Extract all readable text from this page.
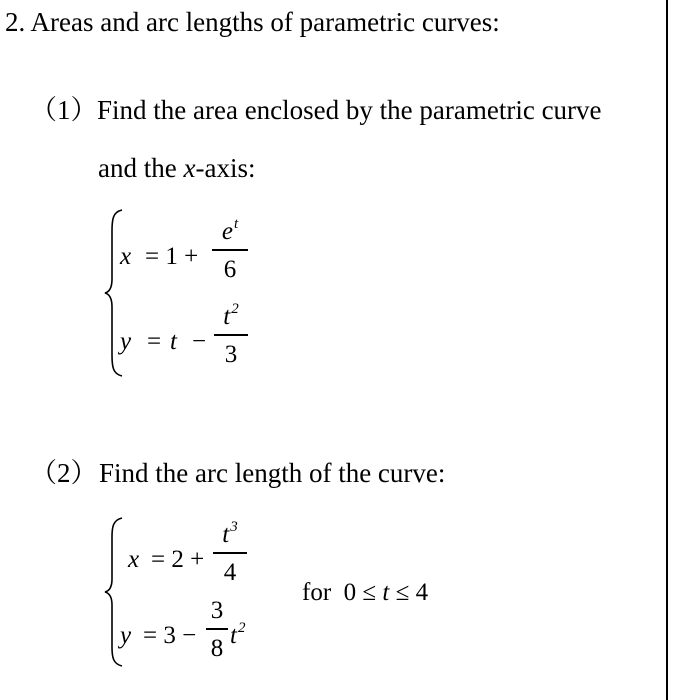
2. Areas and arc lengths of parametric curves:
（1） Find the area enclosed by the parametric curve
and the x-axis:
x = 1 +
$e^t$
6
y = t −
$t^2$
3
（2） Find the arc length of the curve:
x = 2 +
$t^3$
4
y = 3 −
3
8 $t^2$
for 0 ≤ t ≤ 4
